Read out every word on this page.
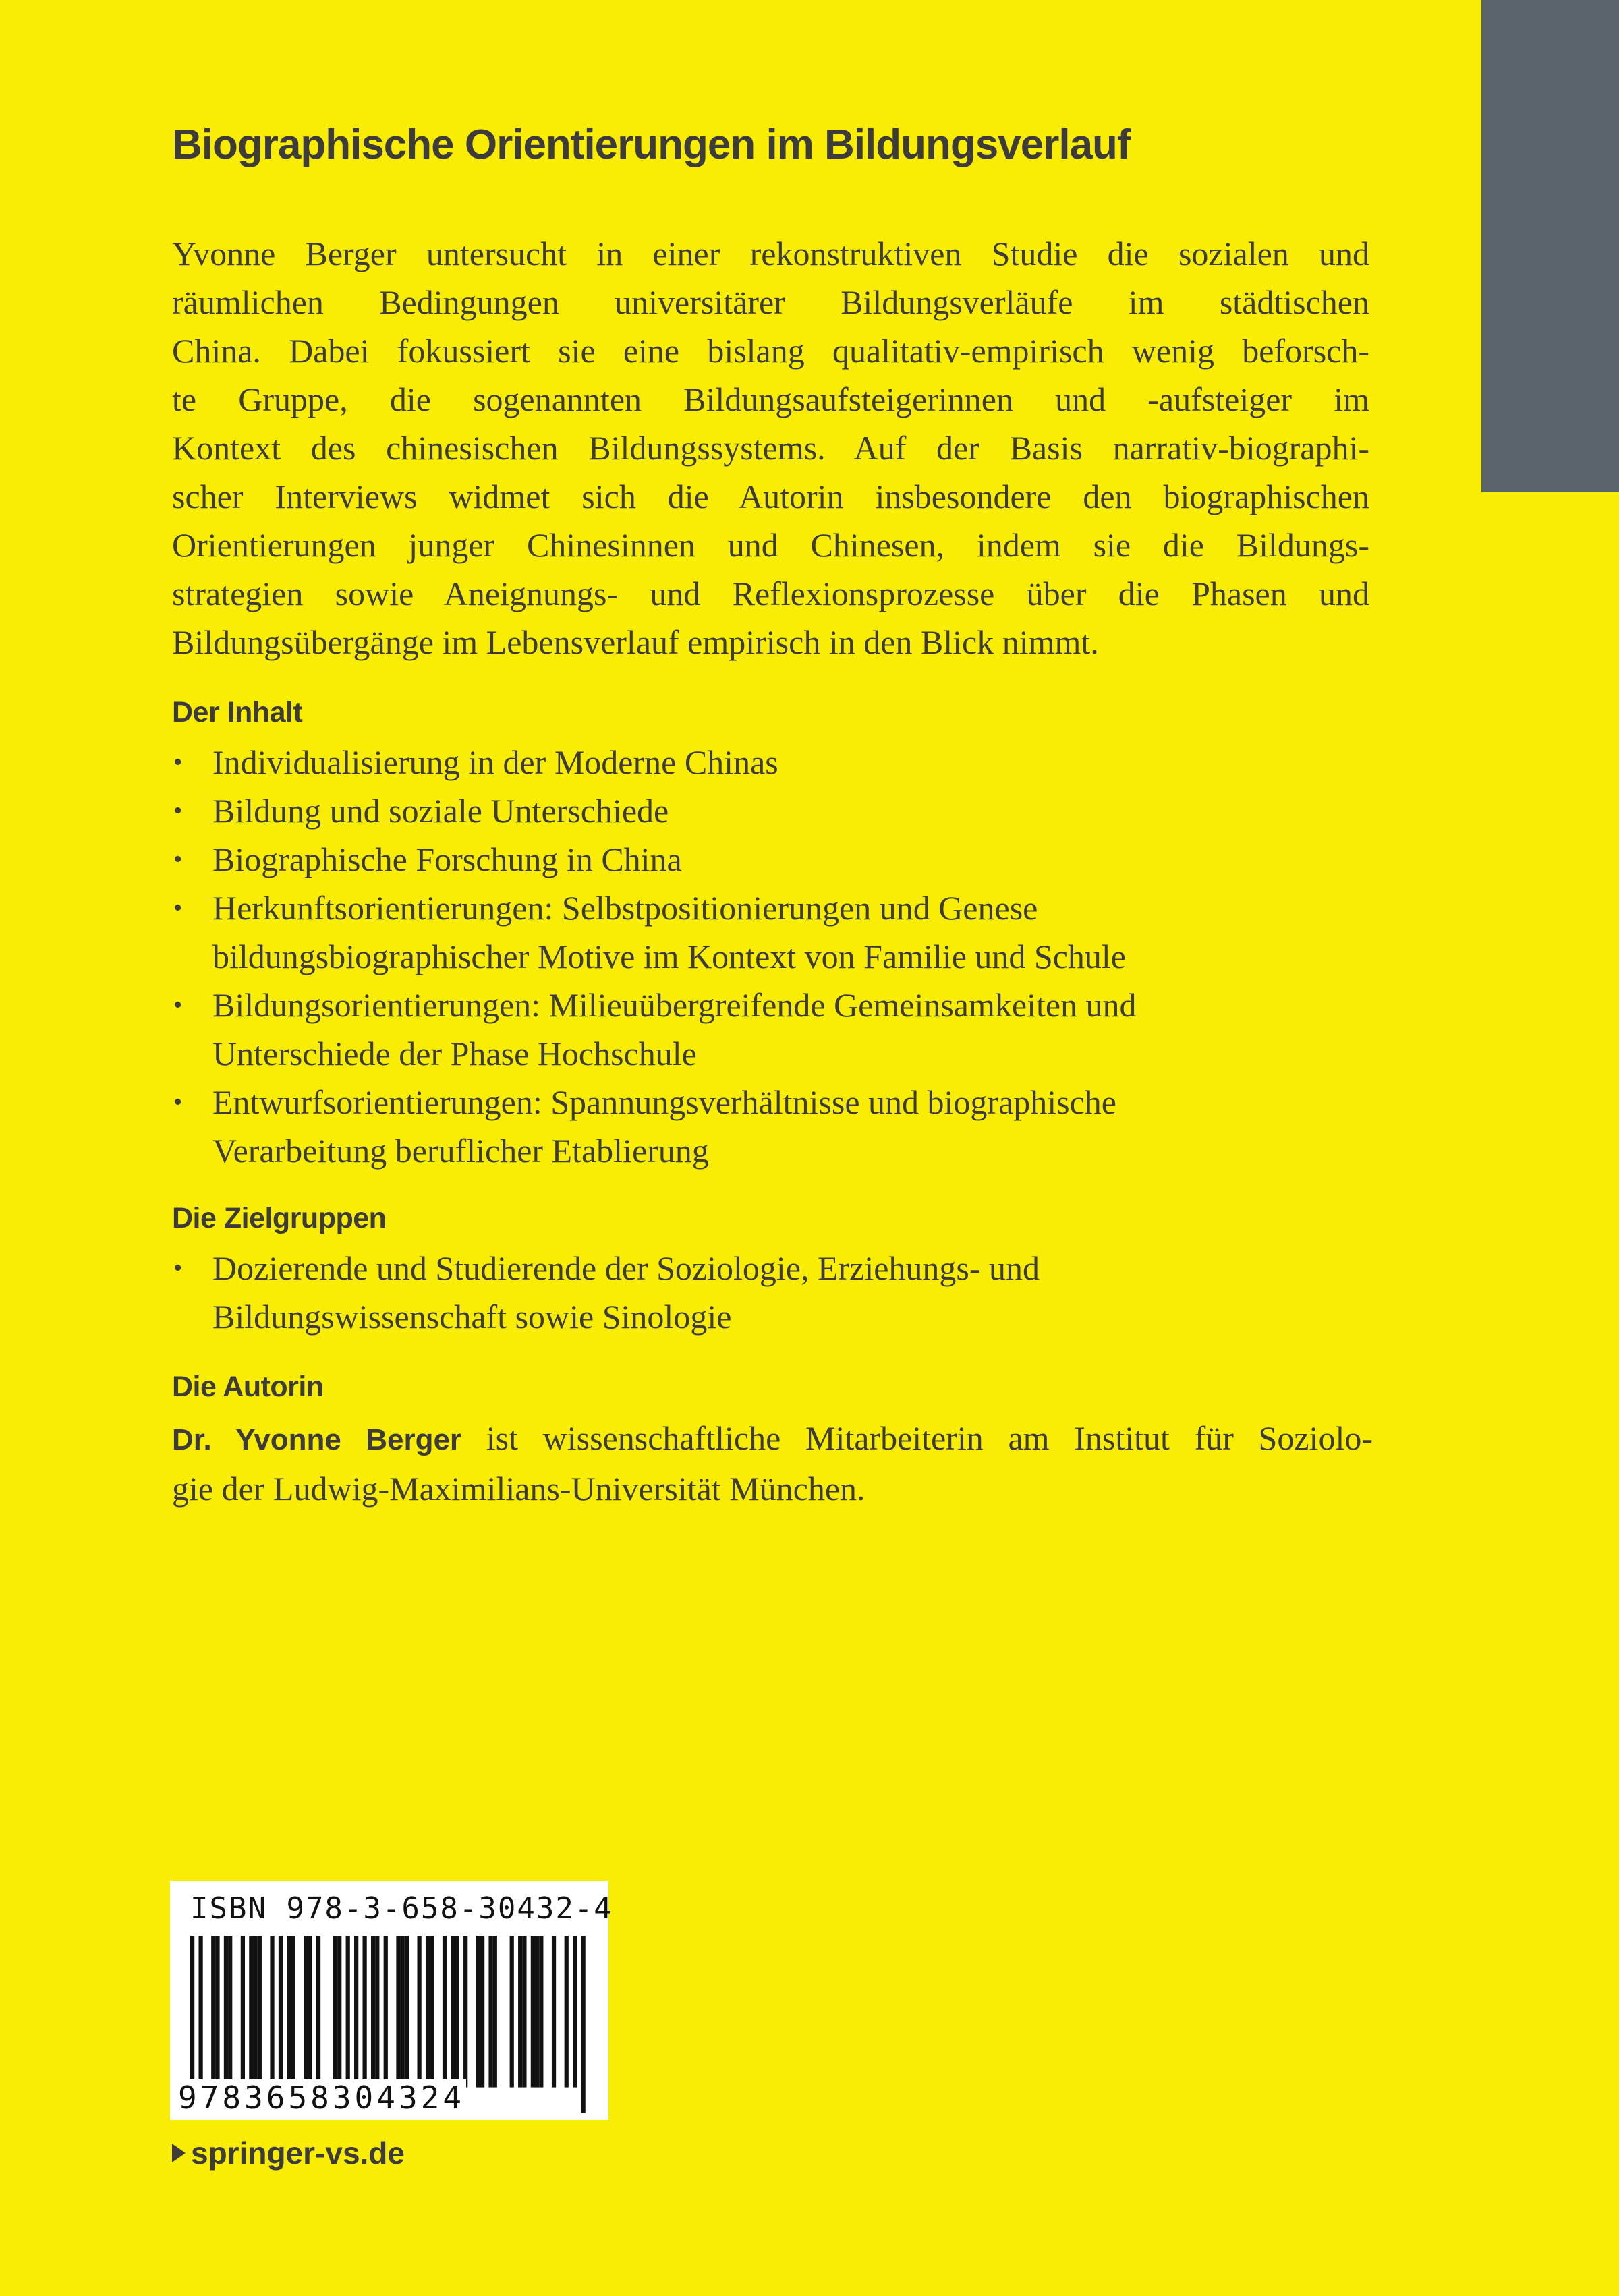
Biographische Orientierungen im Bildungsverlauf

Yvonne Berger untersucht in einer rekonstruktiven Studie die sozialen und
räumlichen Bedingungen universitärer Bildungsverläufe im städtischen
China. Dabei fokussiert sie eine bislang qualitativ-empirisch wenig beforsch-
te Gruppe, die sogenannten Bildungsaufsteigerinnen und -aufsteiger im
Kontext des chinesischen Bildungssystems. Auf der Basis narrativ-biographi-
scher Interviews widmet sich die Autorin insbesondere den biographischen
Orientierungen junger Chinesinnen und Chinesen, indem sie die Bildungs-
strategien sowie Aneignungs- und Reflexionsprozesse über die Phasen und
Bildungsübergänge im Lebensverlauf empirisch in den Blick nimmt.

Der Inhalt
• Individualisierung in der Moderne Chinas
• Bildung und soziale Unterschiede
• Biographische Forschung in China
• Herkunftsorientierungen: Selbstpositionierungen und Genese
bildungsbiographischer Motive im Kontext von Familie und Schule
• Bildungsorientierungen: Milieuübergreifende Gemeinsamkeiten und
Unterschiede der Phase Hochschule
• Entwurfsorientierungen: Spannungsverhältnisse und biographische
Verarbeitung beruflicher Etablierung
Die Zielgruppen
• Dozierende und Studierende der Soziologie, Erziehungs- und
Bildungswissenschaft sowie Sinologie
Die Autorin
Dr. Yvonne Berger ist wissenschaftliche Mitarbeiterin am Institut für Soziolo-
gie der Ludwig-Maximilians-Universität München.
ISBN 978-3-658-30432-4
9783658304324
springer-vs.de
